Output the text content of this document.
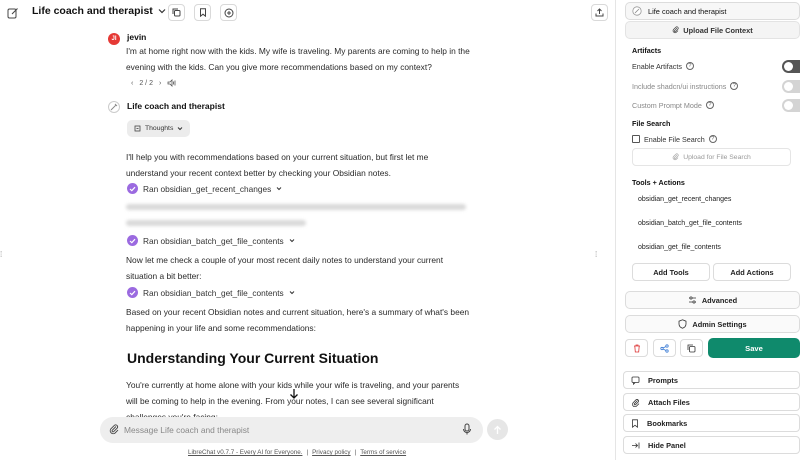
Life coach and therapist
⁞	⁞
JI	jevin
I'm at home right now with the kids. My wife is traveling. My parents are coming to help in the
evening with the kids. Can you give more recommendations based on my context?
‹ 2 / 2 ›
Life coach and therapist
Thoughts
I'll help you with recommendations based on your current situation, but first let me
understand your recent context better by checking your Obsidian notes.
Ran obsidian_get_recent_changes
Ran obsidian_batch_get_file_contents
Now let me check a couple of your most recent daily notes to understand your current
situation a bit better:
Ran obsidian_batch_get_file_contents
Based on your recent Obsidian notes and current situation, here's a summary of what's been
happening in your life and some recommendations:
Understanding Your Current Situation
You're currently at home alone with your kids while your wife is traveling, and your parents
will be coming to help in the evening. From your notes, I can see several significant
Message Life coach and therapist
LibreChat v0.7.7 - Every AI for Everyone. | Privacy policy | Terms of service
Life coach and therapist
Upload File Context
Artifacts
Enable Artifacts	?
Include shadcn/ui instructions	?
Custom Prompt Mode	?
File Search
Enable File Search	?
Upload for File Search
Tools + Actions
obsidian_get_recent_changes
obsidian_batch_get_file_contents
obsidian_get_file_contents
Add Tools	Add Actions
Advanced
Admin Settings
Save
Prompts
Attach Files
Bookmarks
Hide Panel
